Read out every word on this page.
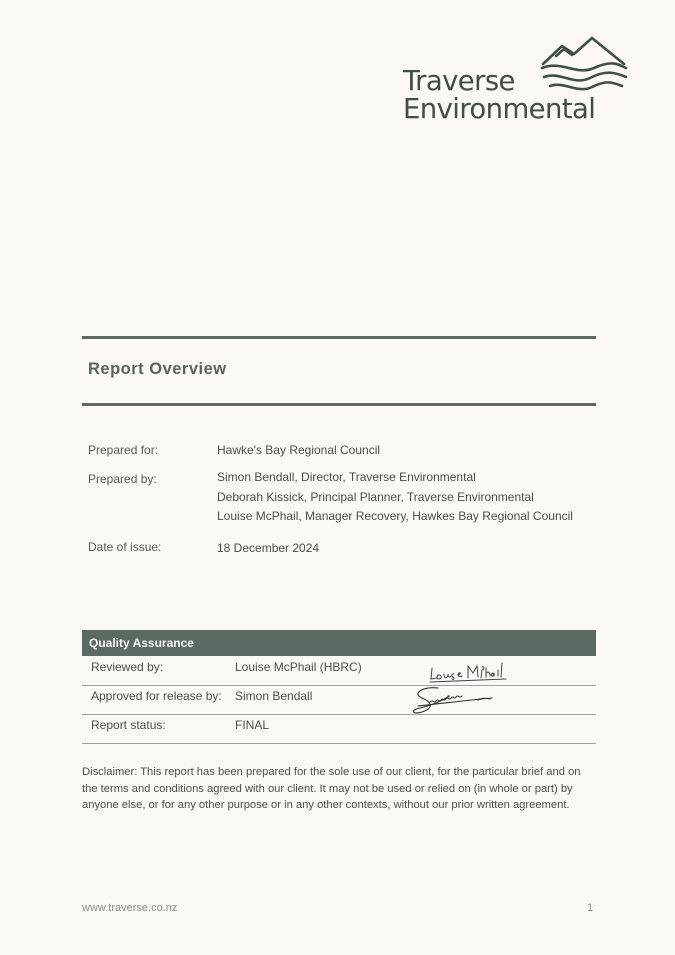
Traverse
Environmental
Report Overview
Prepared for:	Hawke's Bay Regional Council
Prepared by:	Simon Bendall, Director, Traverse Environmental
Deborah Kissick, Principal Planner, Traverse Environmental
Louise McPhail, Manager Recovery, Hawkes Bay Regional Council
Date of issue:	18 December 2024
Quality Assurance
Reviewed by:	Louise McPhail (HBRC)
Approved for release by: Simon Bendall
Report status:	FINAL
Disclaimer: This report has been prepared for the sole use of our client, for the particular brief and on the terms and conditions agreed with our client. It may not be used or relied on (in whole or part) by anyone else, or for any other purpose or in any other contexts, without our prior written agreement.
www.traverse.co.nz	1
